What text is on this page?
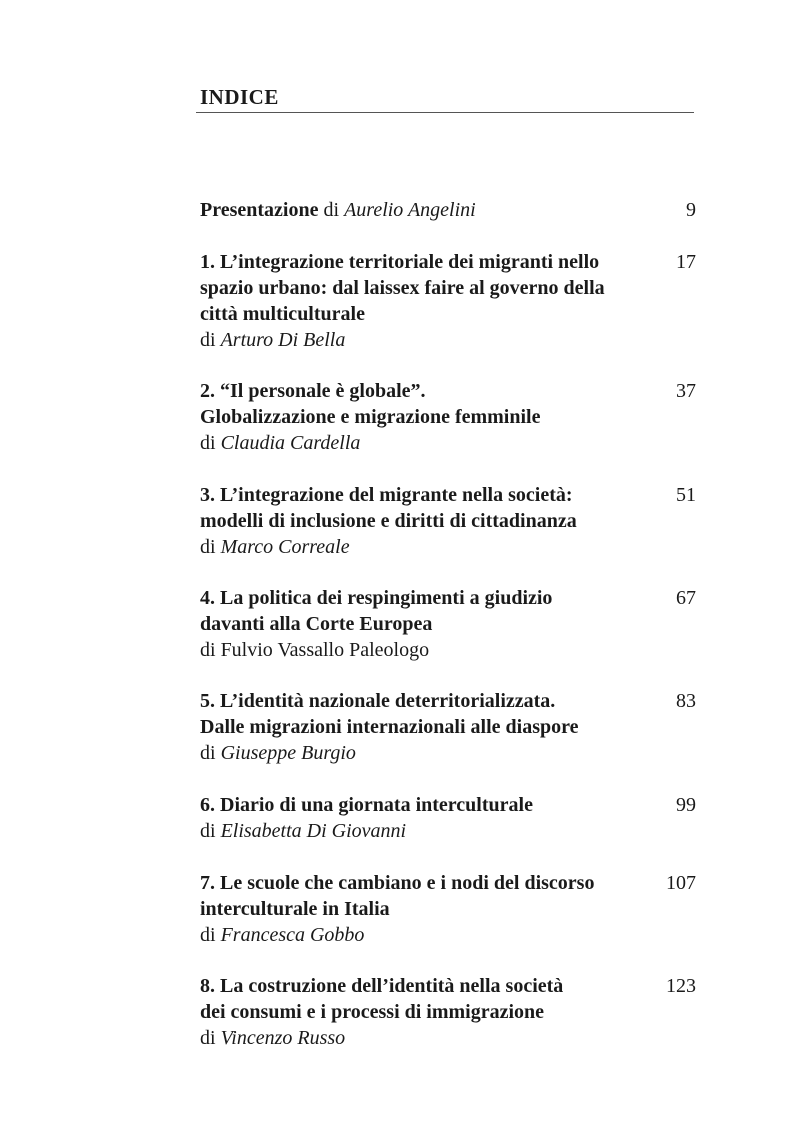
INDICE
Presentazione di Aurelio Angelini	9
1. L’integrazione territoriale dei migranti nello
spazio urbano: dal laissex faire al governo della
città multiculturale
di Arturo Di Bella
17
2. “Il personale è globale”.
Globalizzazione e migrazione femminile
di Claudia Cardella
37
3. L’integrazione del migrante nella società:
modelli di inclusione e diritti di cittadinanza
di Marco Correale
51
4. La politica dei respingimenti a giudizio
davanti alla Corte Europea
di Fulvio Vassallo Paleologo
67
5. L’identità nazionale deterritorializzata.
Dalle migrazioni internazionali alle diaspore
di Giuseppe Burgio
83
6. Diario di una giornata interculturale
di Elisabetta Di Giovanni
99
7. Le scuole che cambiano e i nodi del discorso
interculturale in Italia
di Francesca Gobbo
107
8. La costruzione dell’identità nella società
dei consumi e i processi di immigrazione
di Vincenzo Russo
123
